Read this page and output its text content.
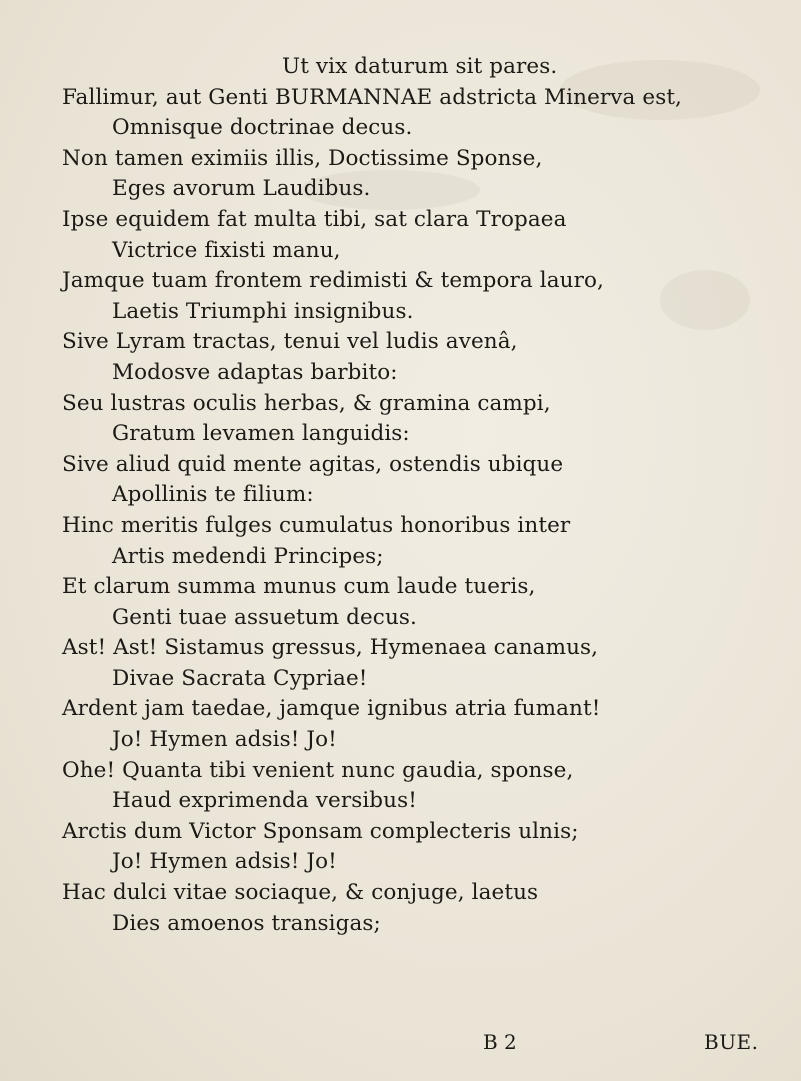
Ut vix daturum sit pares.
Fallimur, aut Genti BURMANNAE adstricta Minerva est,
Omnisque doctrinae decus.
Non tamen eximiis illis, Doctissime Sponse,
Eges avorum Laudibus.
Ipse equidem fat multa tibi, sat clara Tropaea
Victrice fixisti manu,
Jamque tuam frontem redimisti & tempora lauro,
Laetis Triumphi insignibus.
Sive Lyram tractas, tenui vel ludis avenâ,
Modosve adaptas barbito:
Seu lustras oculis herbas, & gramina campi,
Gratum levamen languidis:
Sive aliud quid mente agitas, ostendis ubique
Apollinis te filium:
Hinc meritis fulges cumulatus honoribus inter
Artis medendi Principes;
Et clarum summa munus cum laude tueris,
Genti tuae assuetum decus.
Ast! Ast! Sistamus gressus, Hymenaea canamus,
Divae Sacrata Cypriae!
Ardent jam taedae, jamque ignibus atria fumant!
Jo! Hymen adsis! Jo!
Ohe! Quanta tibi venient nunc gaudia, sponse,
Haud exprimenda versibus!
Arctis dum Victor Sponsam complecteris ulnis;
Jo! Hymen adsis! Jo!
Hac dulci vitae sociaque, & conjuge, laetus
Dies amoenos transigas;
B 2	BUE.
